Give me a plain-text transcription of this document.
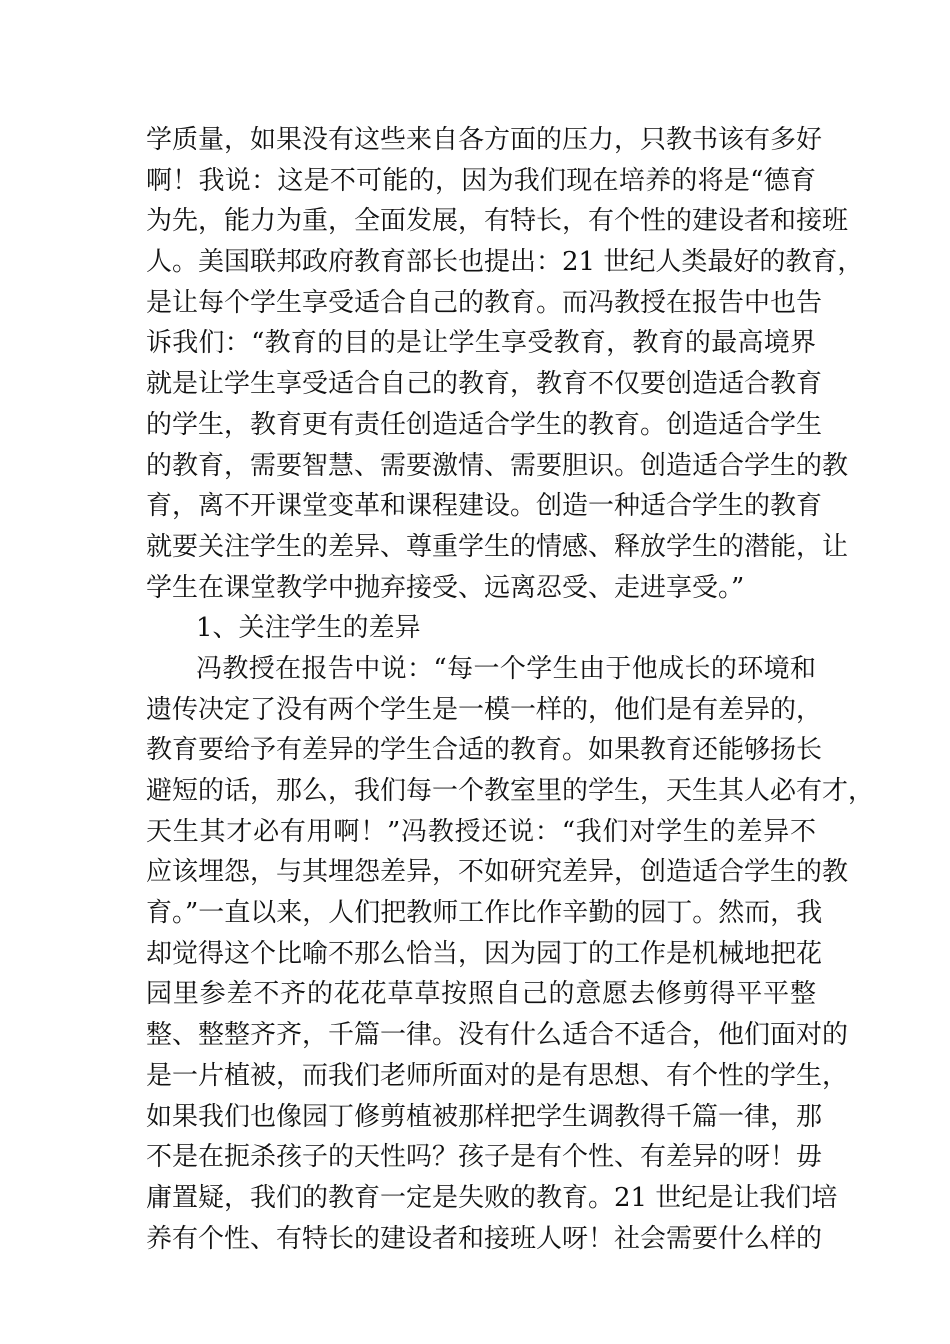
学质量，如果没有这些来自各方面的压力，只教书该有多好
啊！我说：这是不可能的，因为我们现在培养的将是“德育
为先，能力为重，全面发展，有特长，有个性的建设者和接班
人。美国联邦政府教育部长也提出：21 世纪人类最好的教育，
是让每个学生享受适合自己的教育。而冯教授在报告中也告
诉我们：“教育的目的是让学生享受教育，教育的最高境界
就是让学生享受适合自己的教育，教育不仅要创造适合教育
的学生，教育更有责任创造适合学生的教育。创造适合学生
的教育，需要智慧、需要激情、需要胆识。创造适合学生的教
育，离不开课堂变革和课程建设。创造一种适合学生的教育
就要关注学生的差异、尊重学生的情感、释放学生的潜能，让
学生在课堂教学中抛弃接受、远离忍受、走进享受。”
1、关注学生的差异
冯教授在报告中说：“每一个学生由于他成长的环境和
遗传决定了没有两个学生是一模一样的，他们是有差异的，
教育要给予有差异的学生合适的教育。如果教育还能够扬长
避短的话，那么，我们每一个教室里的学生，天生其人必有才，
天生其才必有用啊！”冯教授还说：“我们对学生的差异不
应该埋怨，与其埋怨差异，不如研究差异，创造适合学生的教
育。”一直以来，人们把教师工作比作辛勤的园丁。然而，我
却觉得这个比喻不那么恰当，因为园丁的工作是机械地把花
园里参差不齐的花花草草按照自己的意愿去修剪得平平整
整、整整齐齐，千篇一律。没有什么适合不适合，他们面对的
是一片植被，而我们老师所面对的是有思想、有个性的学生，
如果我们也像园丁修剪植被那样把学生调教得千篇一律，那
不是在扼杀孩子的天性吗？孩子是有个性、有差异的呀！毋
庸置疑，我们的教育一定是失败的教育。21 世纪是让我们培
养有个性、有特长的建设者和接班人呀！社会需要什么样的
